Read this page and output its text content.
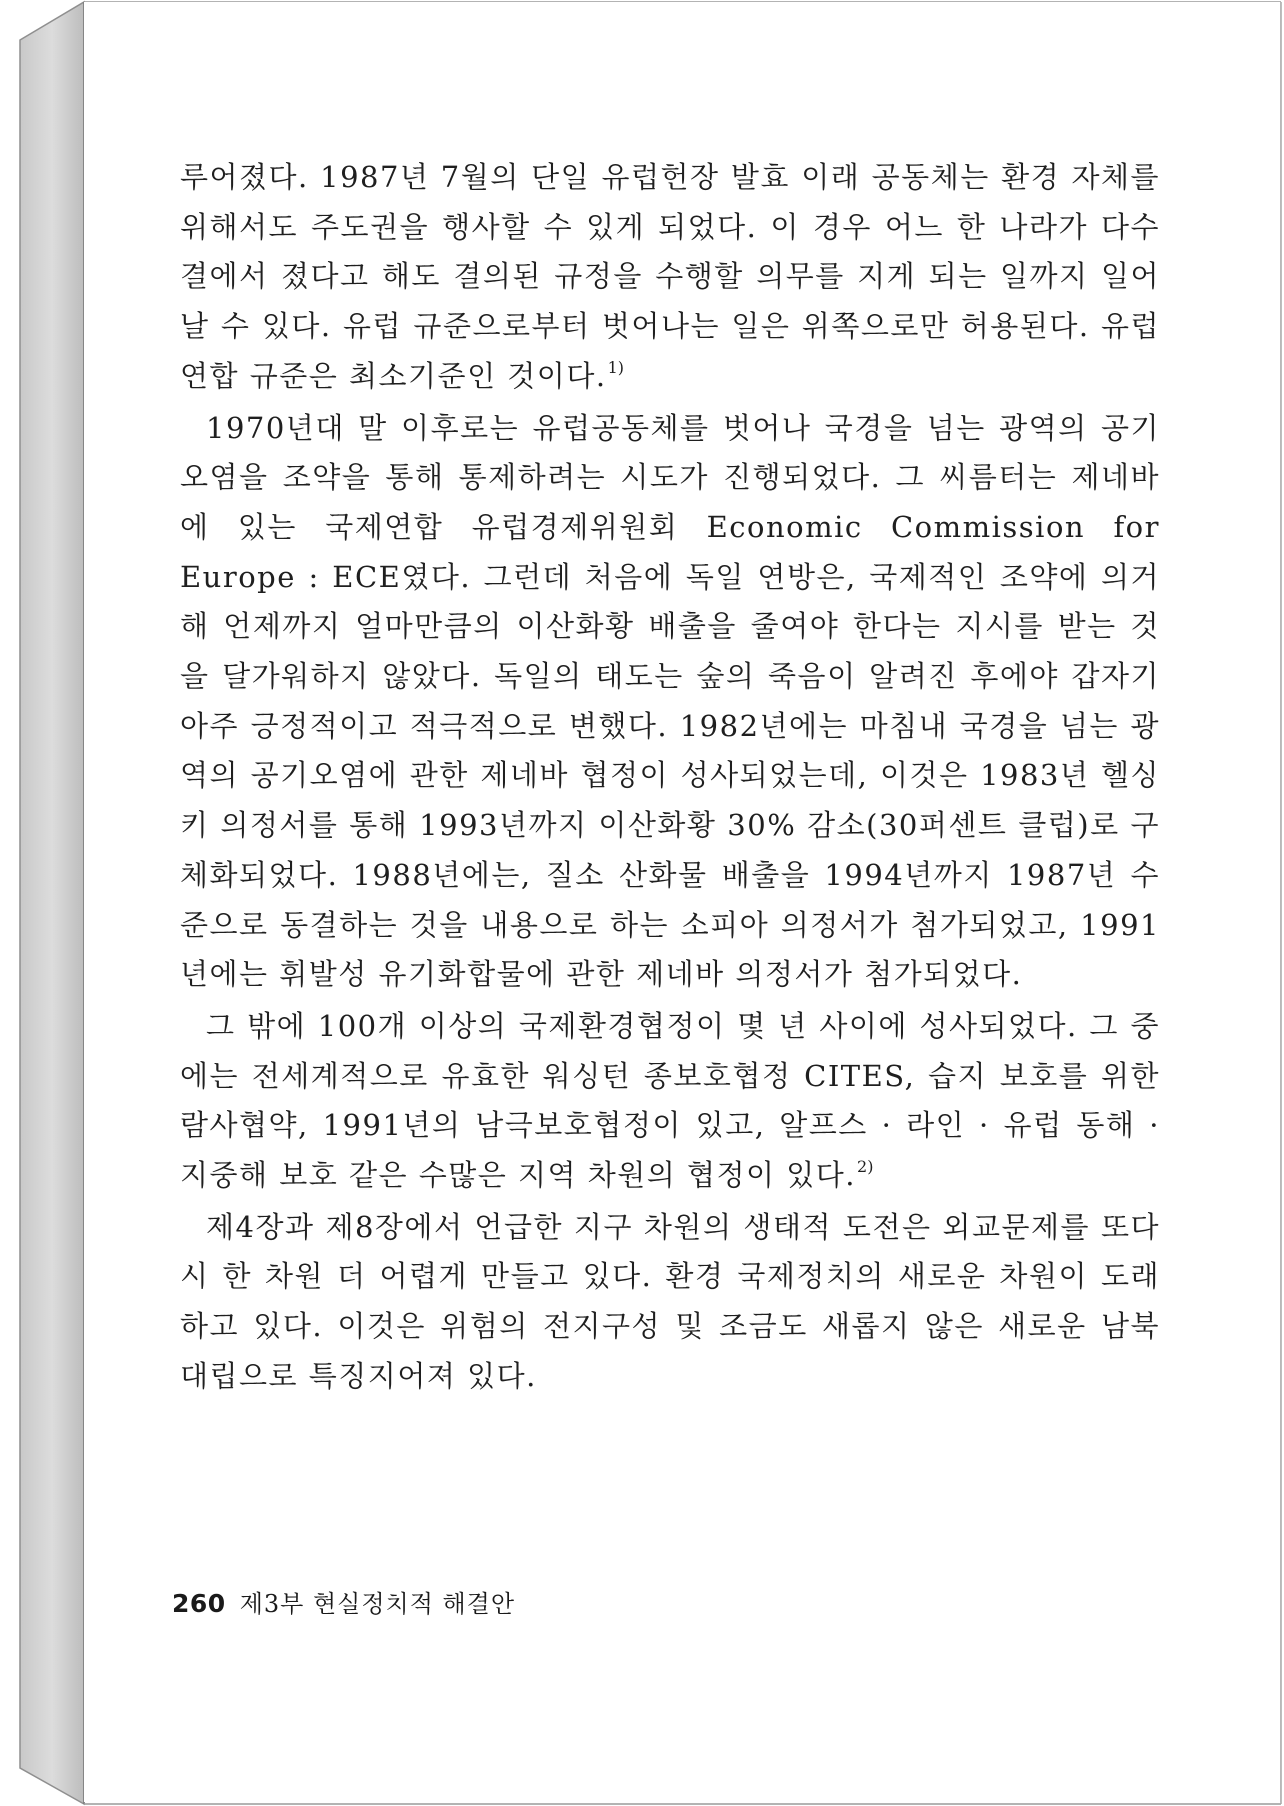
루어졌다. 1987년 7월의 단일 유럽헌장 발효 이래 공동체는 환경 자체를 위해서도 주도권을 행사할 수 있게 되었다. 이 경우 어느 한 나라가 다수결에서 졌다고 해도 결의된 규정을 수행할 의무를 지게 되는 일까지 일어날 수 있다. 유럽 규준으로부터 벗어나는 일은 위쪽으로만 허용된다. 유럽연합 규준은 최소기준인 것이다.$^{1)}$

1970년대 말 이후로는 유럽공동체를 벗어나 국경을 넘는 광역의 공기오염을 조약을 통해 통제하려는 시도가 진행되었다. 그 씨름터는 제네바에 있는 국제연합 유럽경제위원회 Economic Commission for Europe : ECE였다. 그런데 처음에 독일 연방은, 국제적인 조약에 의거해 언제까지 얼마만큼의 이산화황 배출을 줄여야 한다는 지시를 받는 것을 달가워하지 않았다. 독일의 태도는 숲의 죽음이 알려진 후에야 갑자기 아주 긍정적이고 적극적으로 변했다. 1982년에는 마침내 국경을 넘는 광역의 공기오염에 관한 제네바 협정이 성사되었는데, 이것은 1983년 헬싱키 의정서를 통해 1993년까지 이산화황 30% 감소(30퍼센트 클럽)로 구체화되었다. 1988년에는, 질소 산화물 배출을 1994년까지 1987년 수준으로 동결하는 것을 내용으로 하는 소피아 의정서가 첨가되었고, 1991년에는 휘발성 유기화합물에 관한 제네바 의정서가 첨가되었다.

그 밖에 100개 이상의 국제환경협정이 몇 년 사이에 성사되었다. 그 중에는 전세계적으로 유효한 워싱턴 종보호협정 CITES, 습지 보호를 위한 람사협약, 1991년의 남극보호협정이 있고, 알프스 · 라인 · 유럽 동해 · 지중해 보호 같은 수많은 지역 차원의 협정이 있다.$^{2)}$

제4장과 제8장에서 언급한 지구 차원의 생태적 도전은 외교문제를 또다시 한 차원 더 어렵게 만들고 있다. 환경 국제정치의 새로운 차원이 도래하고 있다. 이것은 위험의 전지구성 및 조금도 새롭지 않은 새로운 남북 대립으로 특징지어져 있다.

260 제3부 현실정치적 해결안
